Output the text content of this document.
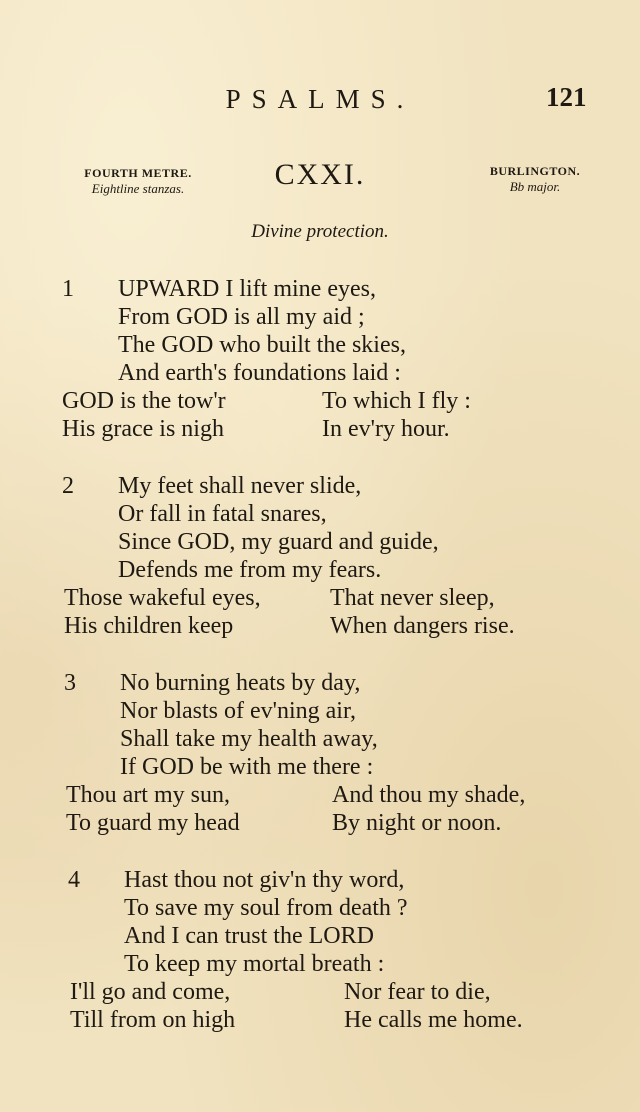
PSALMS.	121
FOURTH METRE.
Eightline stanzas.	CXXI.	BURLINGTON.
Bb major.
Divine protection.
1 UPWARD I lift mine eyes,
From GOD is all my aid ;
The GOD who built the skies,
And earth's foundations laid :
GOD is the tow'r	To which I fly :
His grace is nigh	In ev'ry hour.
2 My feet shall never slide,
Or fall in fatal snares,
Since GOD, my guard and guide,
Defends me from my fears.
Those wakeful eyes,	That never sleep,
His children keep	When dangers rise.
3 No burning heats by day,
Nor blasts of ev'ning air,
Shall take my health away,
If GOD be with me there :
Thou art my sun,	And thou my shade,
To guard my head	By night or noon.
4 Hast thou not giv'n thy word,
To save my soul from death ?
And I can trust the LORD
To keep my mortal breath :
I'll go and come,	Nor fear to die,
Till from on high	He calls me home.
